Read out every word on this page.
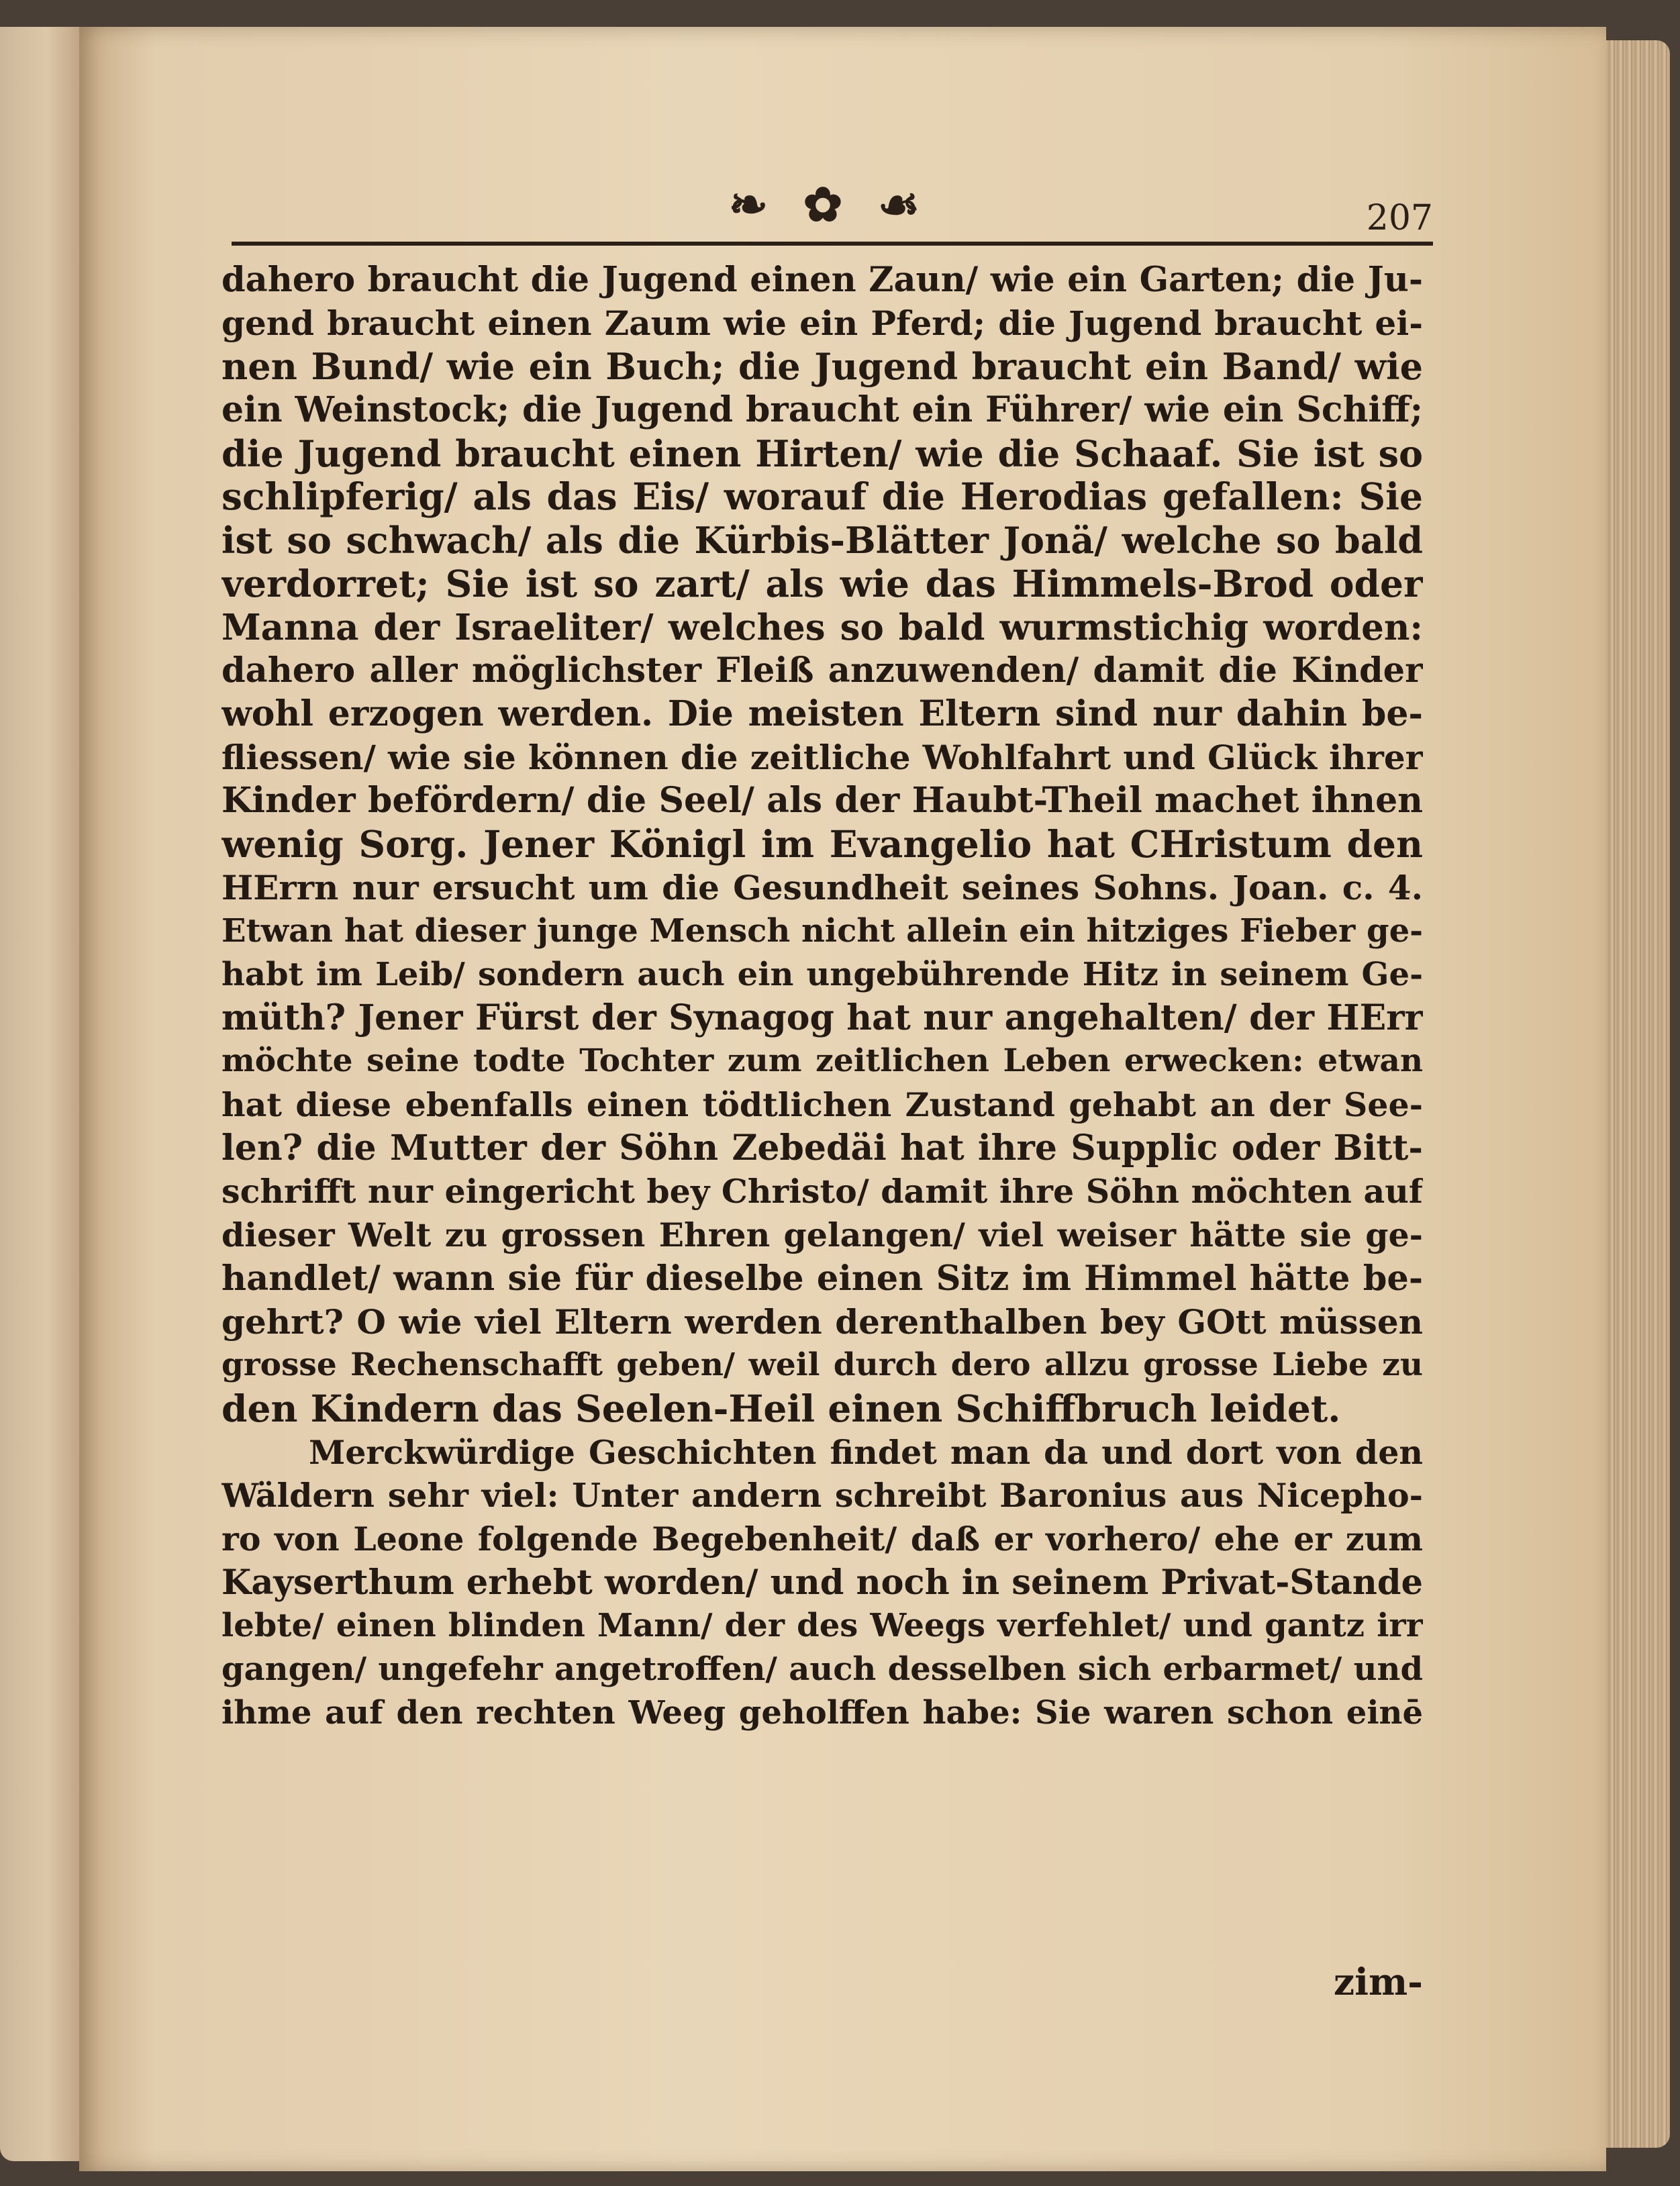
❧ ✿ ☙	207
dahero braucht die Jugend einen Zaun/ wie ein Garten; die Ju-
gend braucht einen Zaum wie ein Pferd; die Jugend braucht ei-
nen Bund/ wie ein Buch; die Jugend braucht ein Band/ wie
ein Weinstock; die Jugend braucht ein Führer/ wie ein Schiff;
die Jugend braucht einen Hirten/ wie die Schaaf. Sie ist so
schlipferig/ als das Eis/ worauf die Herodias gefallen: Sie
ist so schwach/ als die Kürbis-Blätter Jonä/ welche so bald
verdorret; Sie ist so zart/ als wie das Himmels-Brod oder
Manna der Israeliter/ welches so bald wurmstichig worden:
dahero aller möglichster Fleiß anzuwenden/ damit die Kinder
wohl erzogen werden. Die meisten Eltern sind nur dahin be-
fliessen/ wie sie können die zeitliche Wohlfahrt und Glück ihrer
Kinder befördern/ die Seel/ als der Haubt-Theil machet ihnen
wenig Sorg. Jener Königl im Evangelio hat CHristum den
HErrn nur ersucht um die Gesundheit seines Sohns. Joan. c. 4.
Etwan hat dieser junge Mensch nicht allein ein hitziges Fieber ge-
habt im Leib/ sondern auch ein ungebührende Hitz in seinem Ge-
müth? Jener Fürst der Synagog hat nur angehalten/ der HErr
möchte seine todte Tochter zum zeitlichen Leben erwecken: etwan
hat diese ebenfalls einen tödtlichen Zustand gehabt an der See-
len? die Mutter der Söhn Zebedäi hat ihre Supplic oder Bitt-
schrifft nur eingericht bey Christo/ damit ihre Söhn möchten auf
dieser Welt zu grossen Ehren gelangen/ viel weiser hätte sie ge-
handlet/ wann sie für dieselbe einen Sitz im Himmel hätte be-
gehrt? O wie viel Eltern werden derenthalben bey GOtt müssen
grosse Rechenschafft geben/ weil durch dero allzu grosse Liebe zu
den Kindern das Seelen-Heil einen Schiffbruch leidet.
Merckwürdige Geschichten findet man da und dort von den
Wäldern sehr viel: Unter andern schreibt Baronius aus Nicepho-
ro von Leone folgende Begebenheit/ daß er vorhero/ ehe er zum
Kayserthum erhebt worden/ und noch in seinem Privat-Stande
lebte/ einen blinden Mann/ der des Weegs verfehlet/ und gantz irr
gangen/ ungefehr angetroffen/ auch desselben sich erbarmet/ und
ihme auf den rechten Weeg geholffen habe: Sie waren schon einē
zim-
